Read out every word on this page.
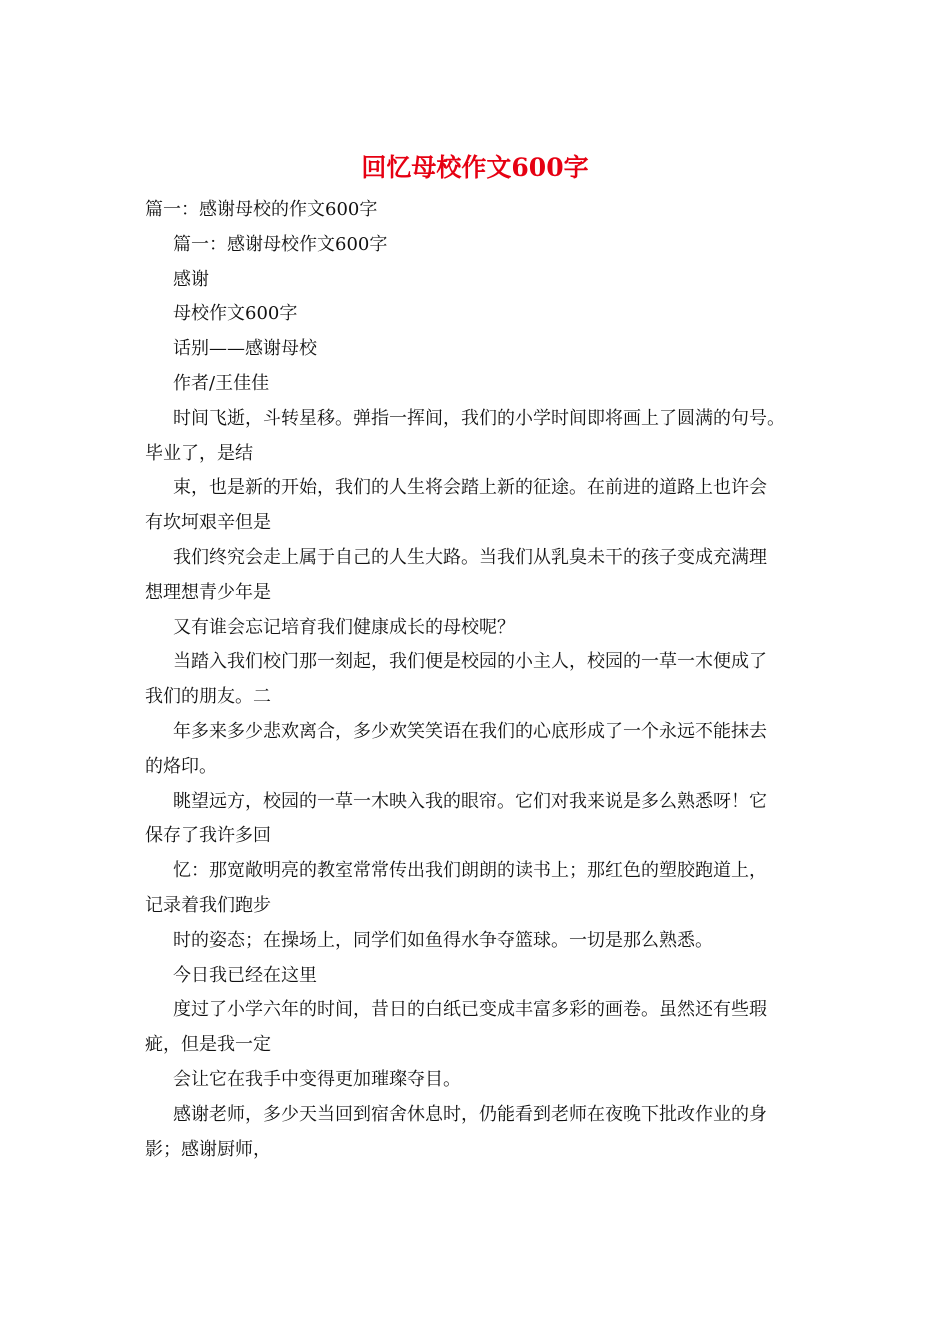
回忆母校作文600字

篇一：感谢母校的作文600字

篇一：感谢母校作文600字

感谢

母校作文600字

话别——感谢母校

作者/王佳佳

时间飞逝，斗转星移。弹指一挥间，我们的小学时间即将画上了圆满的句号。

毕业了，是结

束，也是新的开始，我们的人生将会踏上新的征途。在前进的道路上也许会

有坎坷艰辛但是

我们终究会走上属于自己的人生大路。当我们从乳臭未干的孩子变成充满理

想理想青少年是

又有谁会忘记培育我们健康成长的母校呢？

当踏入我们校门那一刻起，我们便是校园的小主人，校园的一草一木便成了

我们的朋友。二

年多来多少悲欢离合，多少欢笑笑语在我们的心底形成了一个永远不能抹去

的烙印。

眺望远方，校园的一草一木映入我的眼帘。它们对我来说是多么熟悉呀！它

保存了我许多回

忆：那宽敞明亮的教室常常传出我们朗朗的读书上；那红色的塑胶跑道上，

记录着我们跑步

时的姿态；在操场上，同学们如鱼得水争夺篮球。一切是那么熟悉。

今日我已经在这里

度过了小学六年的时间，昔日的白纸已变成丰富多彩的画卷。虽然还有些瑕

疵，但是我一定

会让它在我手中变得更加璀璨夺目。

感谢老师，多少天当回到宿舍休息时，仍能看到老师在夜晚下批改作业的身

影；感谢厨师，
